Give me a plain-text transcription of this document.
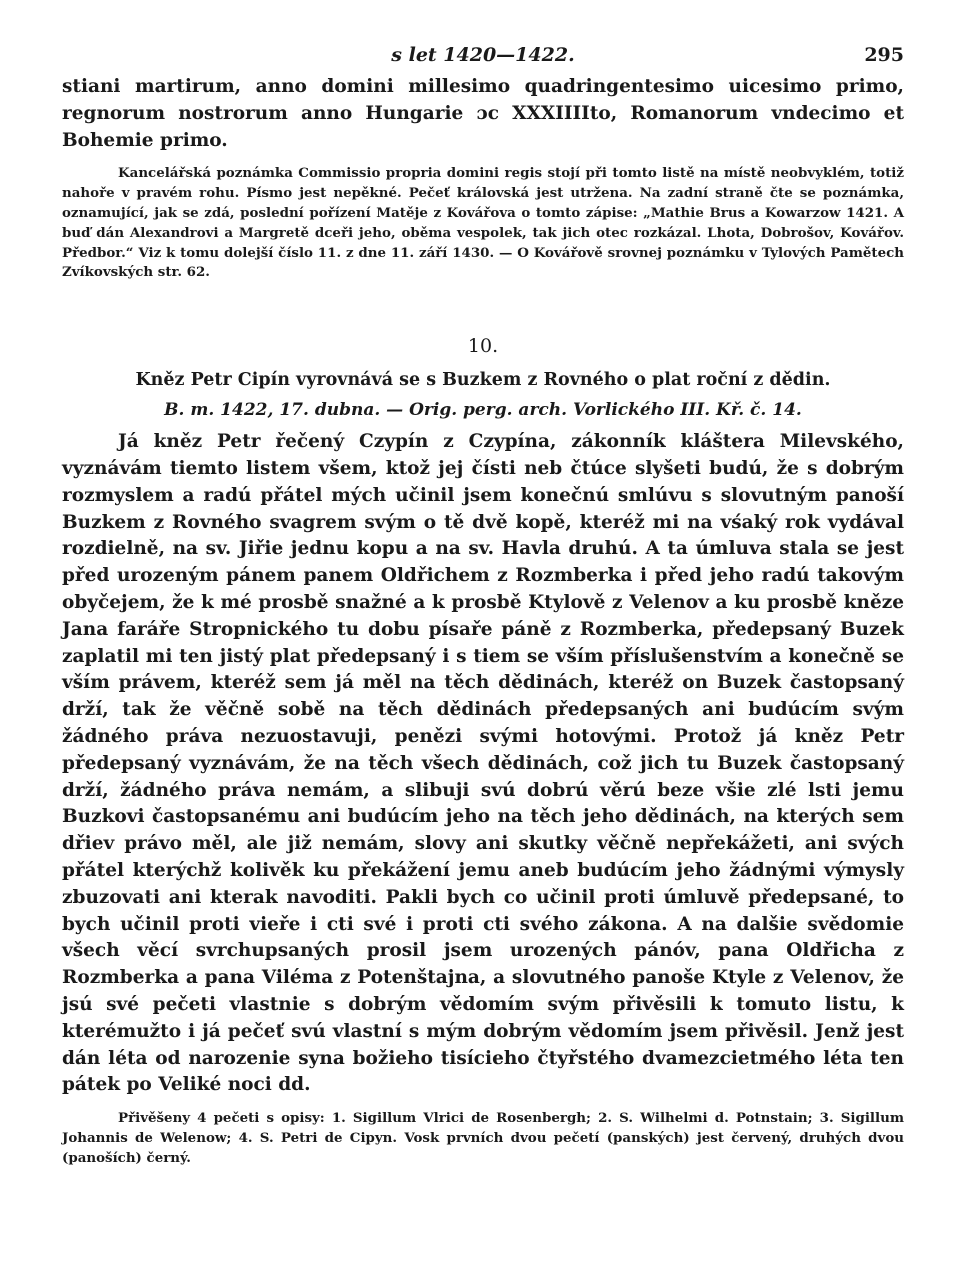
s let 1420—1422.	295

stiani martirum, anno domini millesimo quadringentesimo uicesimo primo, regnorum nostrorum anno Hungarie ɔc XXXIIIIto, Romanorum vndecimo et Bohemie primo.

Kancelářská poznámka Commissio propria domini regis stojí při tomto listě na místě neobvyklém, totiž nahoře v pravém rohu. Písmo jest nepěkné. Pečeť královská jest utržena. Na zadní straně čte se poznámka, oznamující, jak se zdá, poslední pořízení Matěje z Kovářova o tomto zápise: „Mathie Brus a Kowarzow 1421. A buď dán Alexandrovi a Margretě dceři jeho, oběma vespolek, tak jich otec rozkázal. Lhota, Dobrošov, Kovářov. Předbor.“ Viz k tomu dolejší číslo 11. z dne 11. září 1430. — O Kovářově srovnej poznámku v Tylových Pamětech Zvíkovských str. 62.

10.
Kněz Petr Cipín vyrovnává se s Buzkem z Rovného o plat roční z dědin.
B. m. 1422, 17. dubna. — Orig. perg. arch. Vorlického III. Kř. č. 14.

Já kněz Petr řečený Czypín z Czypína, zákonník kláštera Milevského, vyznávám tiemto listem všem, ktož jej čísti neb čtúce slyšeti budú, že s dobrým rozmyslem a radú přátel mých učinil jsem konečnú smlúvu s slovutným panoší Buzkem z Rovného svagrem svým o tě dvě kopě, kteréž mi na vśaký rok vydával rozdielně, na sv. Jiřie jednu kopu a na sv. Havla druhú. A ta úmluva stala se jest před urozeným pánem panem Oldřichem z Rozmberka i před jeho radú takovým obyčejem, že k mé prosbě snažné a k prosbě Ktylově z Velenov a ku prosbě kněze Jana faráře Stropnického tu dobu písaře páně z Rozmberka, předepsaný Buzek zaplatil mi ten jistý plat předepsaný i s tiem se vším příslušenstvím a konečně se vším právem, kteréž sem já měl na těch dědinách, kteréž on Buzek častopsaný drží, tak že věčně sobě na těch dědinách předepsaných ani budúcím svým žádného práva nezuostavuji, penězi svými hotovými. Protož já kněz Petr předepsaný vyznávám, že na těch všech dědinách, což jich tu Buzek častopsaný drží, žádného práva nemám, a slibuji svú dobrú věrú beze všie zlé lsti jemu Buzkovi častopsanému ani budúcím jeho na těch jeho dědinách, na kterých sem dřiev právo měl, ale již nemám, slovy ani skutky věčně nepřekážeti, ani svých přátel kterýchž kolivěk ku překážení jemu aneb budúcím jeho žádnými výmysly zbuzovati ani kterak navoditi. Pakli bych co učinil proti úmluvě předepsané, to bych učinil proti vieře i cti své i proti cti svého zákona. A na dalšie svědomie všech věcí svrchupsaných prosil jsem urozených pánóv, pana Oldřicha z Rozmberka a pana Viléma z Potenštajna, a slovutného panoše Ktyle z Velenov, že jsú své pečeti vlastnie s dobrým vědomím svým přivěsili k tomuto listu, k kterémužto i já pečeť svú vlastní s mým dobrým vědomím jsem přivěsil. Jenž jest dán léta od narozenie syna božieho tisícieho čtyřstého dvamezcietmého léta ten pátek po Veliké noci dd.

Přivěšeny 4 pečeti s opisy: 1. Sigillum Vlrici de Rosenbergh; 2. S. Wilhelmi d. Potnstain; 3. Sigillum Johannis de Welenow; 4. S. Petri de Cipyn. Vosk prvních dvou pečetí (panských) jest červený, druhých dvou (panoších) černý.
